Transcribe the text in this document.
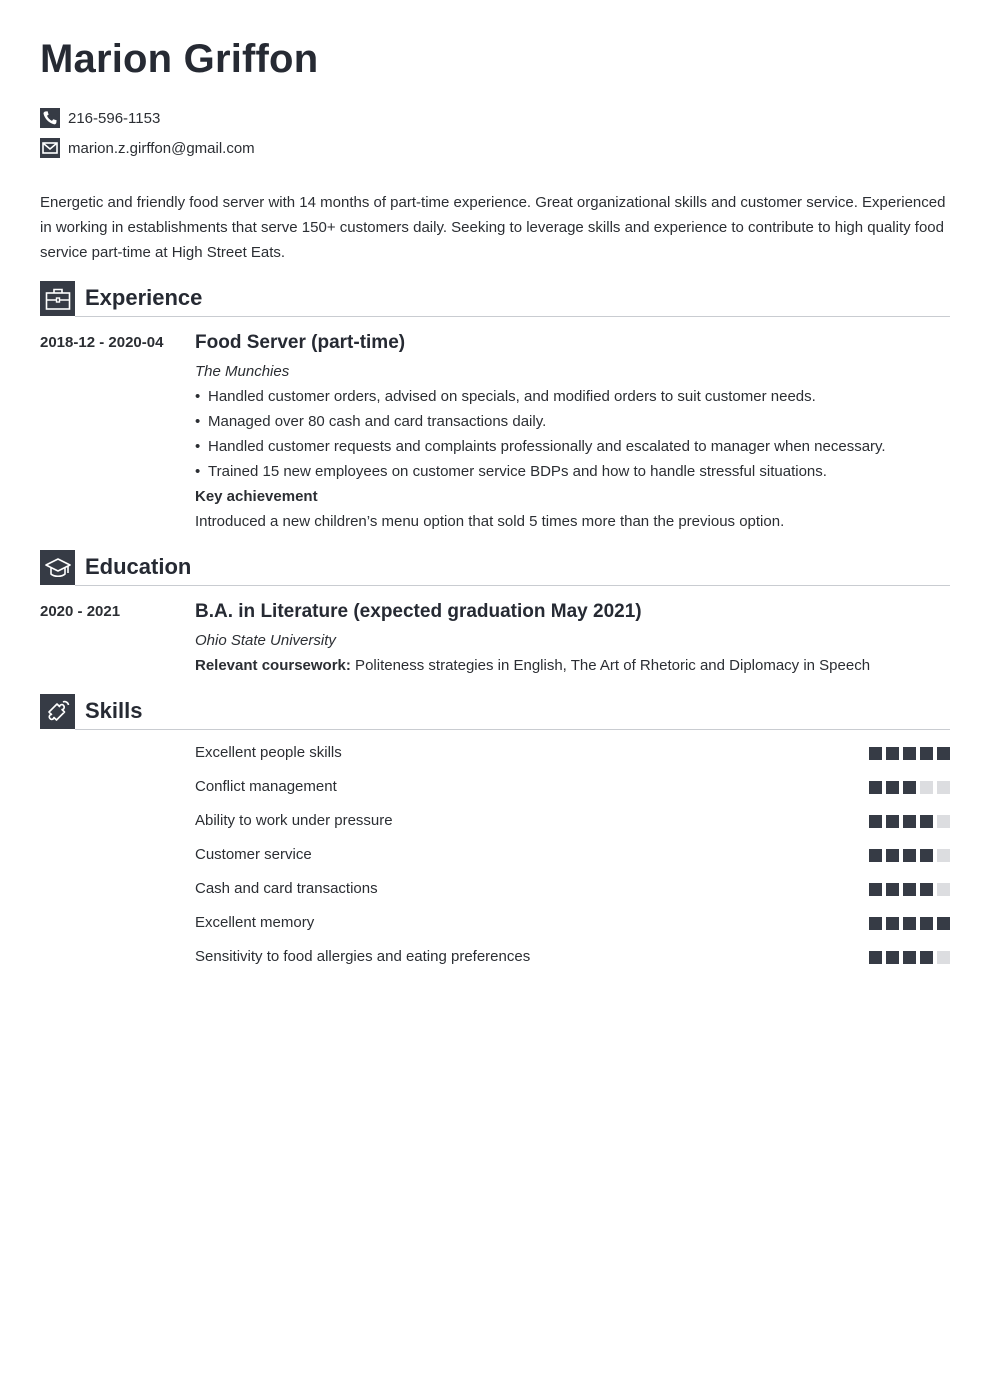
Marion Griffon
216-596-1153
marion.z.girffon@gmail.com

Energetic and friendly food server with 14 months of part-time experience. Great organizational skills and customer service. Experienced in working in establishments that serve 150+ customers daily. Seeking to leverage skills and experience to contribute to high quality food service part-time at High Street Eats.

Experience
2018-12 - 2020-04 Food Server (part-time)
The Munchies
• Handled customer orders, advised on specials, and modified orders to suit customer needs.
• Managed over 80 cash and card transactions daily.
• Handled customer requests and complaints professionally and escalated to manager when necessary.
• Trained 15 new employees on customer service BDPs and how to handle stressful situations.
Key achievement
Introduced a new children’s menu option that sold 5 times more than the previous option.
Education
2020 - 2021	B.A. in Literature (expected graduation May 2021)
Ohio State University
Relevant coursework: Politeness strategies in English, The Art of Rhetoric and Diplomacy in Speech
Skills
Excellent people skills
Conflict management
Ability to work under pressure
Customer service
Cash and card transactions
Excellent memory
Sensitivity to food allergies and eating preferences
